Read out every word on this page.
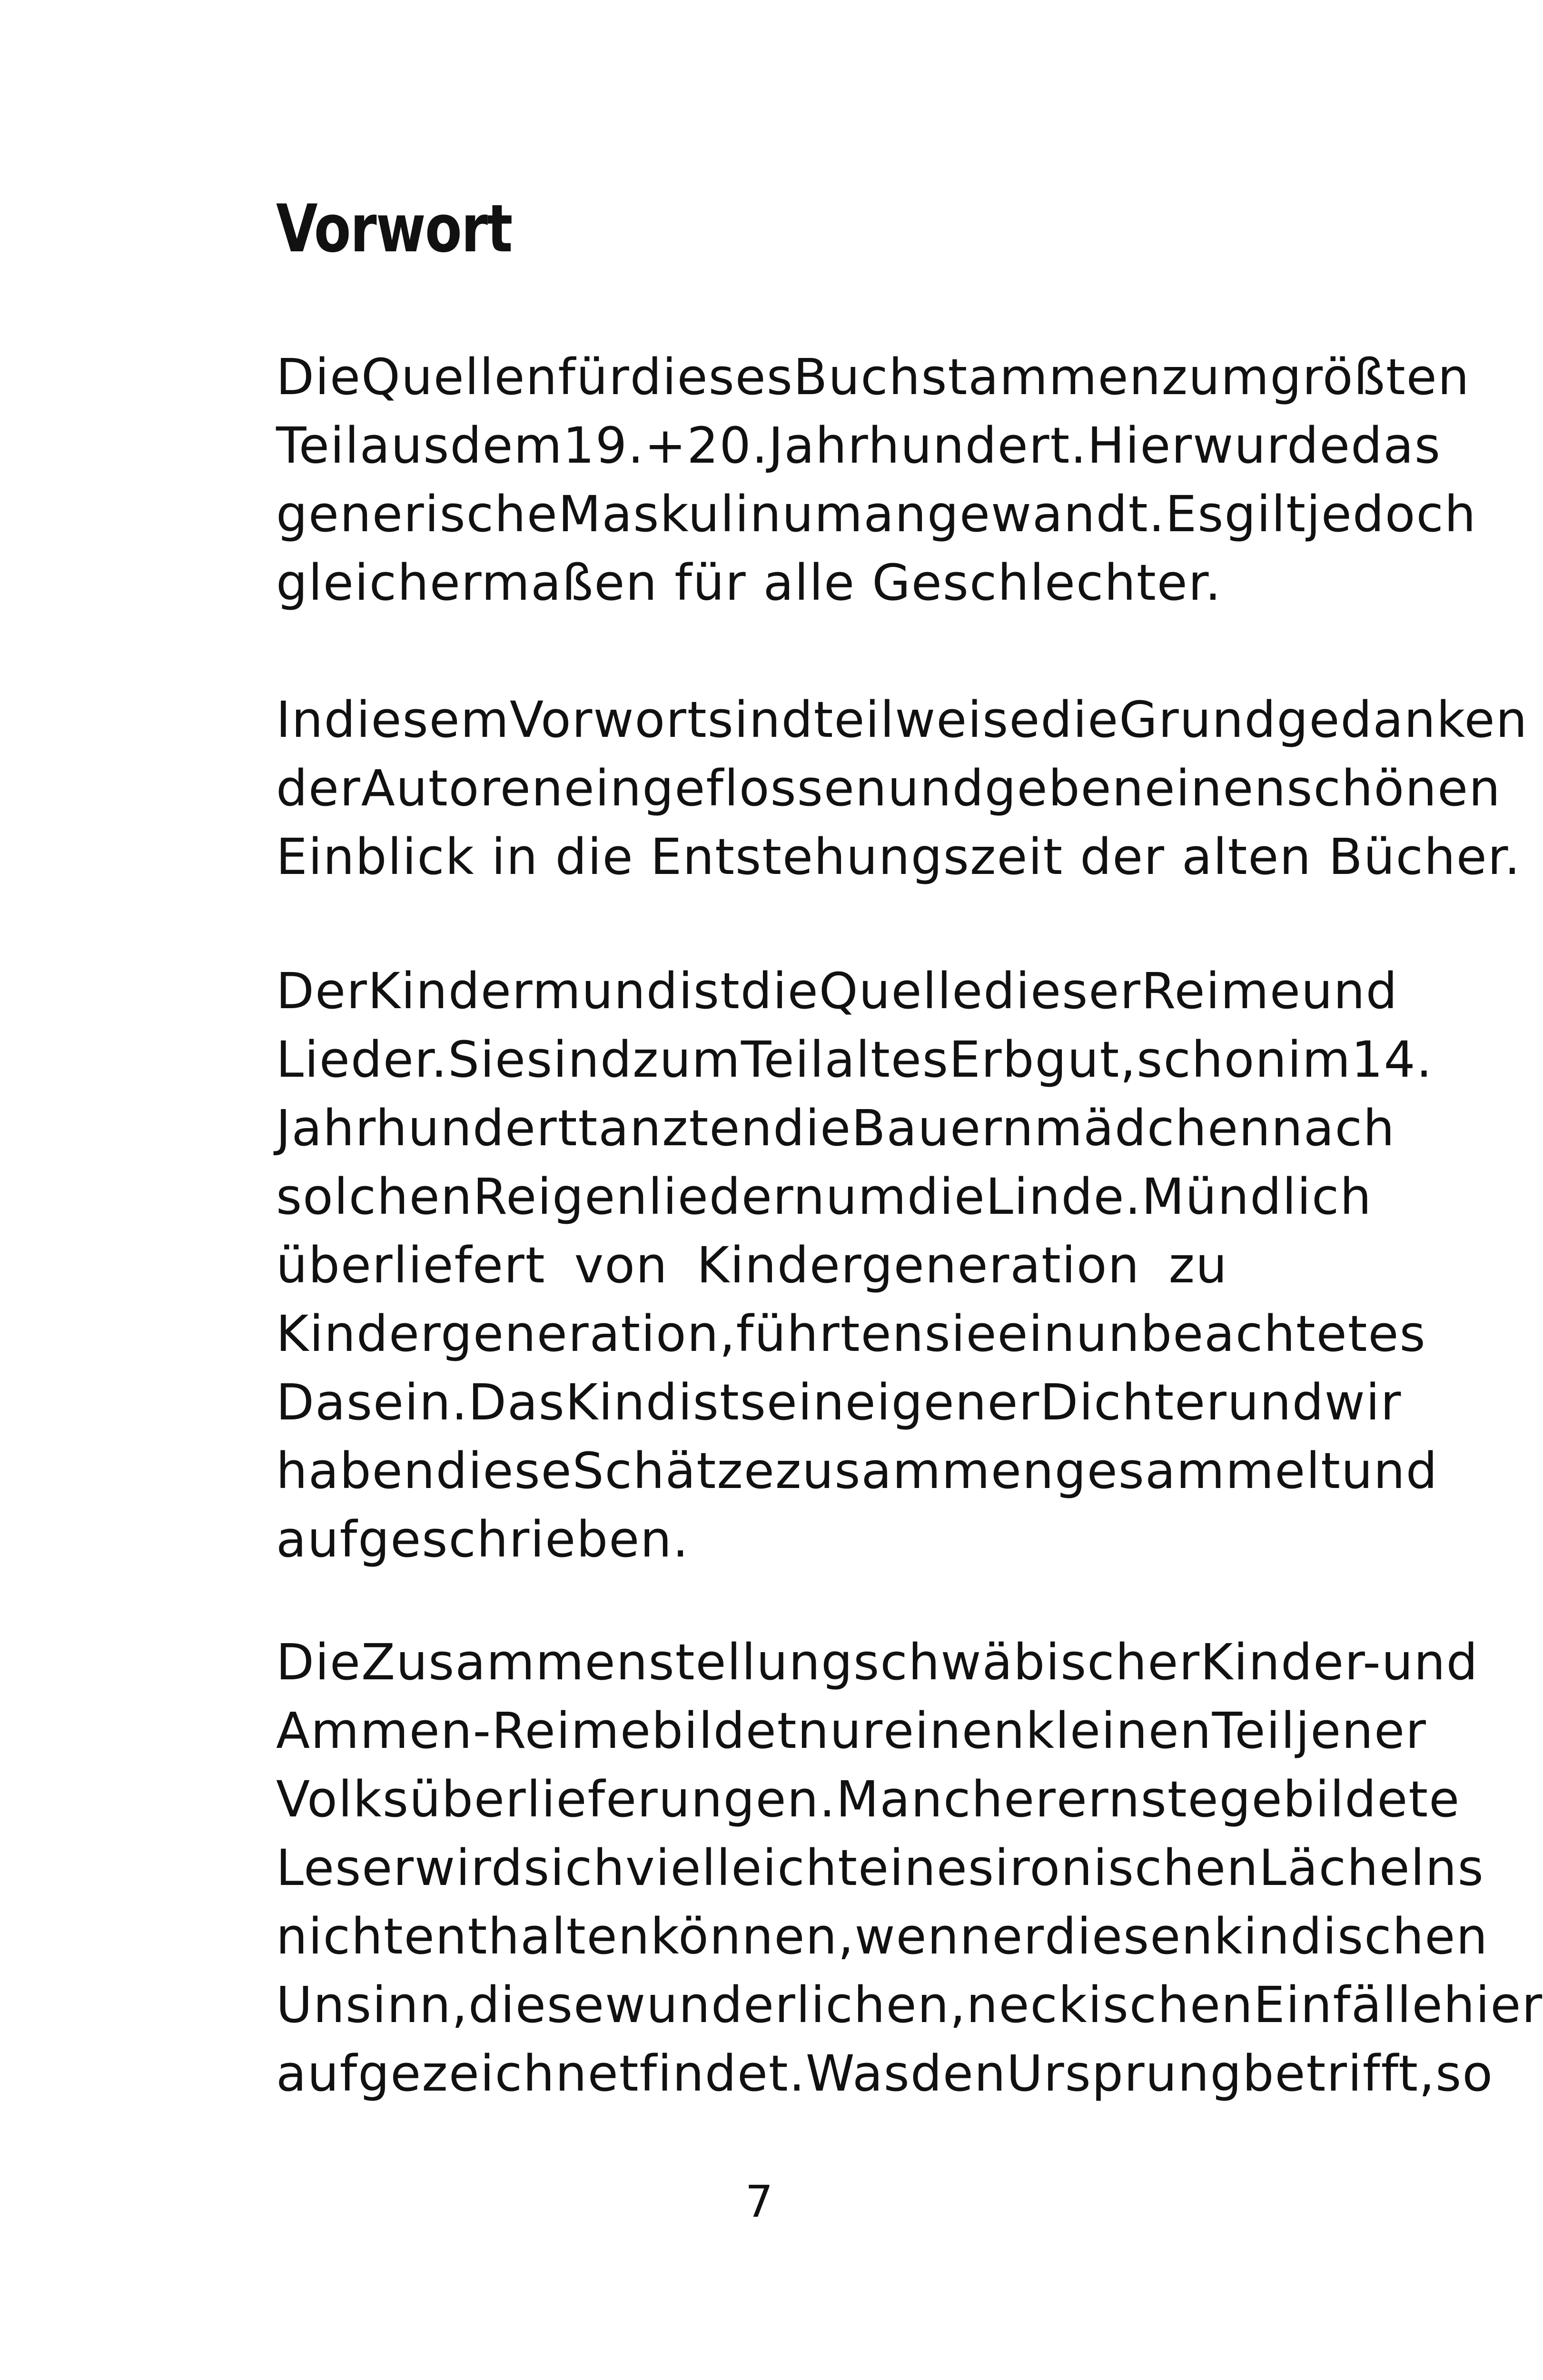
Vorwort
Die Quellen für dieses Buch stammen zum größten
Teil aus dem 19. + 20. Jahrhundert. Hier wurde das
generische Maskulinum angewandt. Es gilt jedoch
gleichermaßen für alle Geschlechter.
In diesem Vorwort sind teilweise die Grundgedanken
der Autoren eingeflossen und geben einen schönen
Einblick in die Entstehungszeit der alten Bücher.
Der Kindermund ist die Quelle dieser Reime und
Lieder. Sie sind zum Teil altes Erbgut, schon im 14.
Jahrhundert tanzten die Bauernmädchen nach
solchen Reigenliedern um die Linde. Mündlich
überliefert von Kindergeneration zu
Kindergeneration, führten sie ein unbeachtetes
Dasein. Das Kind ist sein eigener Dichter und wir
haben diese Schätze zusammengesammelt und
aufgeschrieben.
Die Zusammenstellung schwäbischer Kinder- und
Ammen-Reime bildet nur einen kleinen Teil jener
Volksüberlieferungen. Mancher ernste gebildete
Leser wird sich vielleicht eines ironischen Lächelns
nicht enthalten können, wenn er diesen kindischen
Unsinn, diese wunderlichen, neckischen Einfälle hier
aufgezeichnet findet. Was den Ursprung betrifft, so
7
